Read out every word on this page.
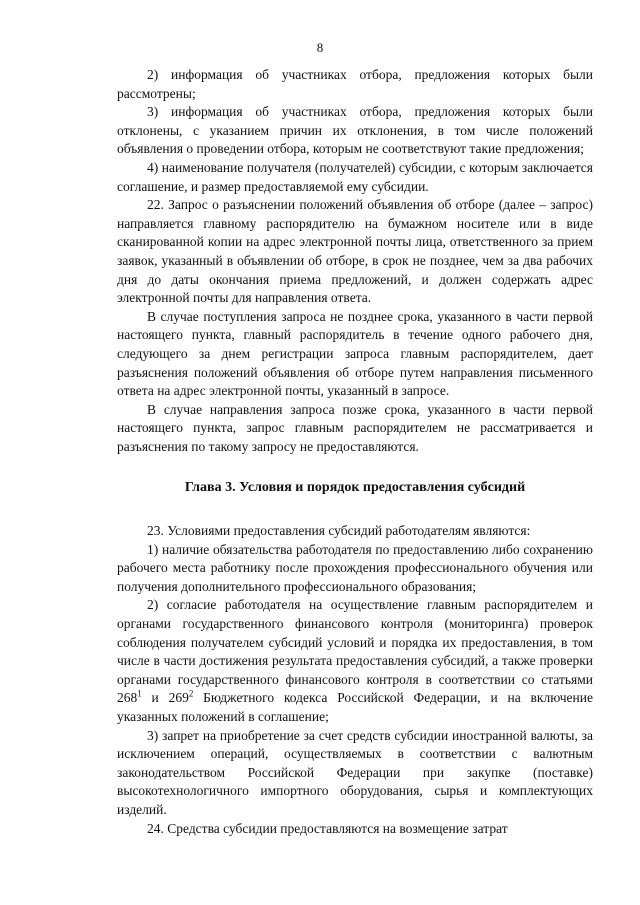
8

2) информация об участниках отбора, предложения которых были рассмотрены;

3) информация об участниках отбора, предложения которых были отклонены, с указанием причин их отклонения, в том числе положений объявления о проведении отбора, которым не соответствуют такие предложения;

4) наименование получателя (получателей) субсидии, с которым заключается соглашение, и размер предоставляемой ему субсидии.

22. Запрос о разъяснении положений объявления об отборе (далее – запрос) направляется главному распорядителю на бумажном носителе или в виде сканированной копии на адрес электронной почты лица, ответственного за прием заявок, указанный в объявлении об отборе, в срок не позднее, чем за два рабочих дня до даты окончания приема предложений, и должен содержать адрес электронной почты для направления ответа.

В случае поступления запроса не позднее срока, указанного в части первой настоящего пункта, главный распорядитель в течение одного рабочего дня, следующего за днем регистрации запроса главным распорядителем, дает разъяснения положений объявления об отборе путем направления письменного ответа на адрес электронной почты, указанный в запросе.

В случае направления запроса позже срока, указанного в части первой настоящего пункта, запрос главным распорядителем не рассматривается и разъяснения по такому запросу не предоставляются.

Глава 3. Условия и порядок предоставления субсидий

23. Условиями предоставления субсидий работодателям являются:

1) наличие обязательства работодателя по предоставлению либо сохранению рабочего места работнику после прохождения профессионального обучения или получения дополнительного профессионального образования;

2) согласие работодателя на осуществление главным распорядителем и органами государственного финансового контроля (мониторинга) проверок соблюдения получателем субсидий условий и порядка их предоставления, в том числе в части достижения результата предоставления субсидий, а также проверки органами государственного финансового контроля в соответствии со статьями $268^1$ и $269^2$ Бюджетного кодекса Российской Федерации, и на включение указанных положений в соглашение;

3) запрет на приобретение за счет средств субсидии иностранной валюты, за исключением операций, осуществляемых в соответствии с валютным законодательством Российской Федерации при закупке (поставке) высокотехнологичного импортного оборудования, сырья и комплектующих изделий.

24. Средства субсидии предоставляются на возмещение затрат
